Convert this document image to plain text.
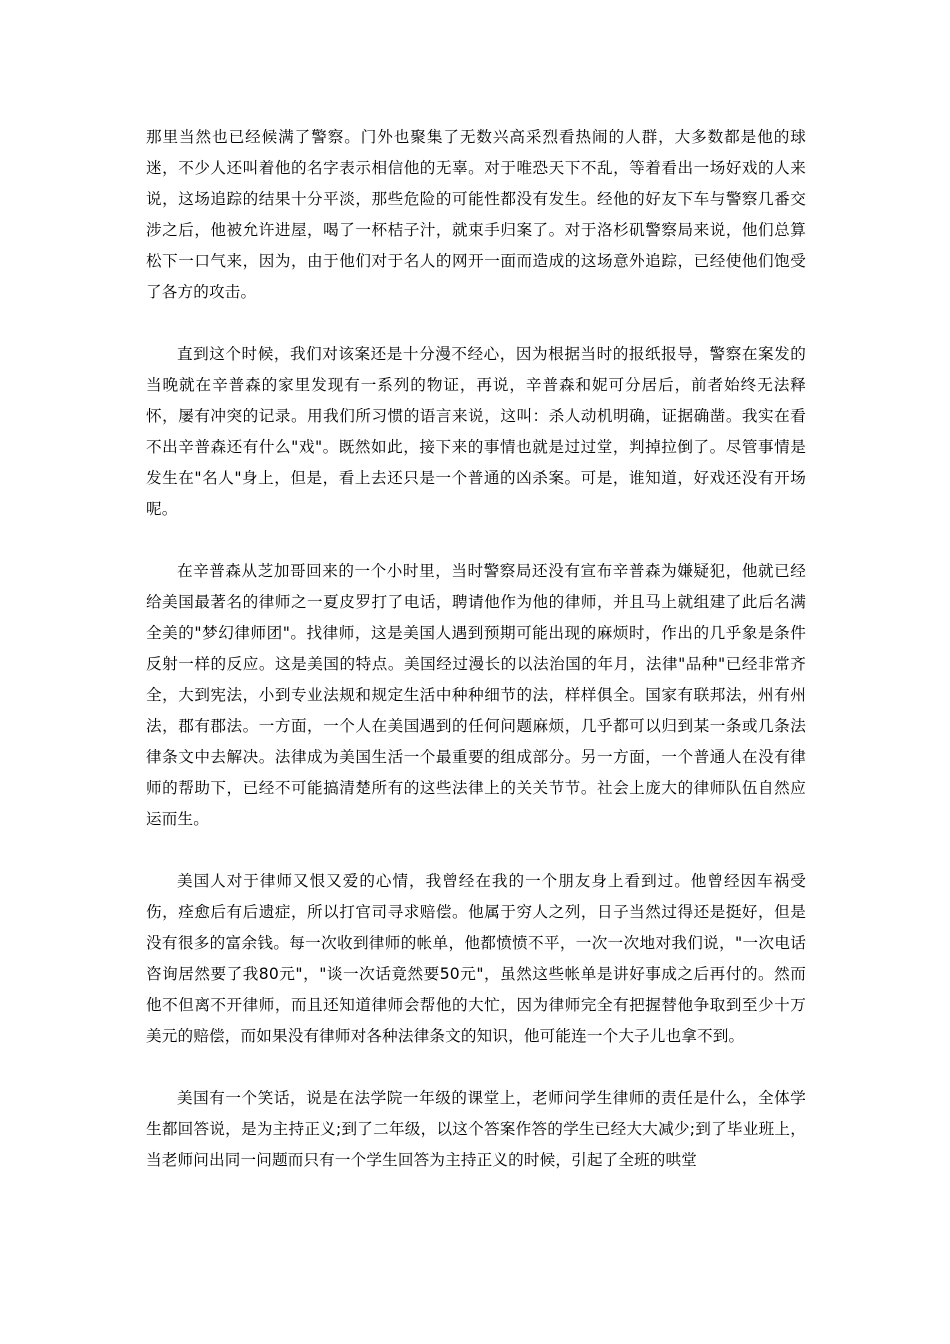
那里当然也已经候满了警察。门外也聚集了无数兴高采烈看热闹的人群，大多数都是他的球迷，不少人还叫着他的名字表示相信他的无辜。对于唯恐天下不乱，等着看出一场好戏的人来说，这场追踪的结果十分平淡，那些危险的可能性都没有发生。经他的好友下车与警察几番交涉之后，他被允许进屋，喝了一杯桔子汁，就束手归案了。对于洛杉矶警察局来说，他们总算松下一口气来，因为，由于他们对于名人的网开一面而造成的这场意外追踪，已经使他们饱受了各方的攻击。

直到这个时候，我们对该案还是十分漫不经心，因为根据当时的报纸报导，警察在案发的当晚就在辛普森的家里发现有一系列的物证，再说，辛普森和妮可分居后，前者始终无法释怀，屡有冲突的记录。用我们所习惯的语言来说，这叫：杀人动机明确，证据确凿。我实在看不出辛普森还有什么"戏"。既然如此，接下来的事情也就是过过堂，判掉拉倒了。尽管事情是发生在"名人"身上，但是，看上去还只是一个普通的凶杀案。可是，谁知道，好戏还没有开场呢。

在辛普森从芝加哥回来的一个小时里，当时警察局还没有宣布辛普森为嫌疑犯，他就已经给美国最著名的律师之一夏皮罗打了电话，聘请他作为他的律师，并且马上就组建了此后名满全美的"梦幻律师团"。找律师，这是美国人遇到预期可能出现的麻烦时，作出的几乎象是条件反射一样的反应。这是美国的特点。美国经过漫长的以法治国的年月，法律"品种"已经非常齐全，大到宪法，小到专业法规和规定生活中种种细节的法，样样俱全。国家有联邦法，州有州法，郡有郡法。一方面，一个人在美国遇到的任何问题麻烦，几乎都可以归到某一条或几条法律条文中去解决。法律成为美国生活一个最重要的组成部分。另一方面，一个普通人在没有律师的帮助下，已经不可能搞清楚所有的这些法律上的关关节节。社会上庞大的律师队伍自然应运而生。

美国人对于律师又恨又爱的心情，我曾经在我的一个朋友身上看到过。他曾经因车祸受伤，痊愈后有后遗症，所以打官司寻求赔偿。他属于穷人之列，日子当然过得还是挺好，但是没有很多的富余钱。每一次收到律师的帐单，他都愤愤不平，一次一次地对我们说，"一次电话咨询居然要了我80元"，"谈一次话竟然要50元"，虽然这些帐单是讲好事成之后再付的。然而他不但离不开律师，而且还知道律师会帮他的大忙，因为律师完全有把握替他争取到至少十万美元的赔偿，而如果没有律师对各种法律条文的知识，他可能连一个大子儿也拿不到。

美国有一个笑话，说是在法学院一年级的课堂上，老师问学生律师的责任是什么，全体学生都回答说，是为主持正义;到了二年级，以这个答案作答的学生已经大大减少;到了毕业班上，当老师问出同一问题而只有一个学生回答为主持正义的时候，引起了全班的哄堂
